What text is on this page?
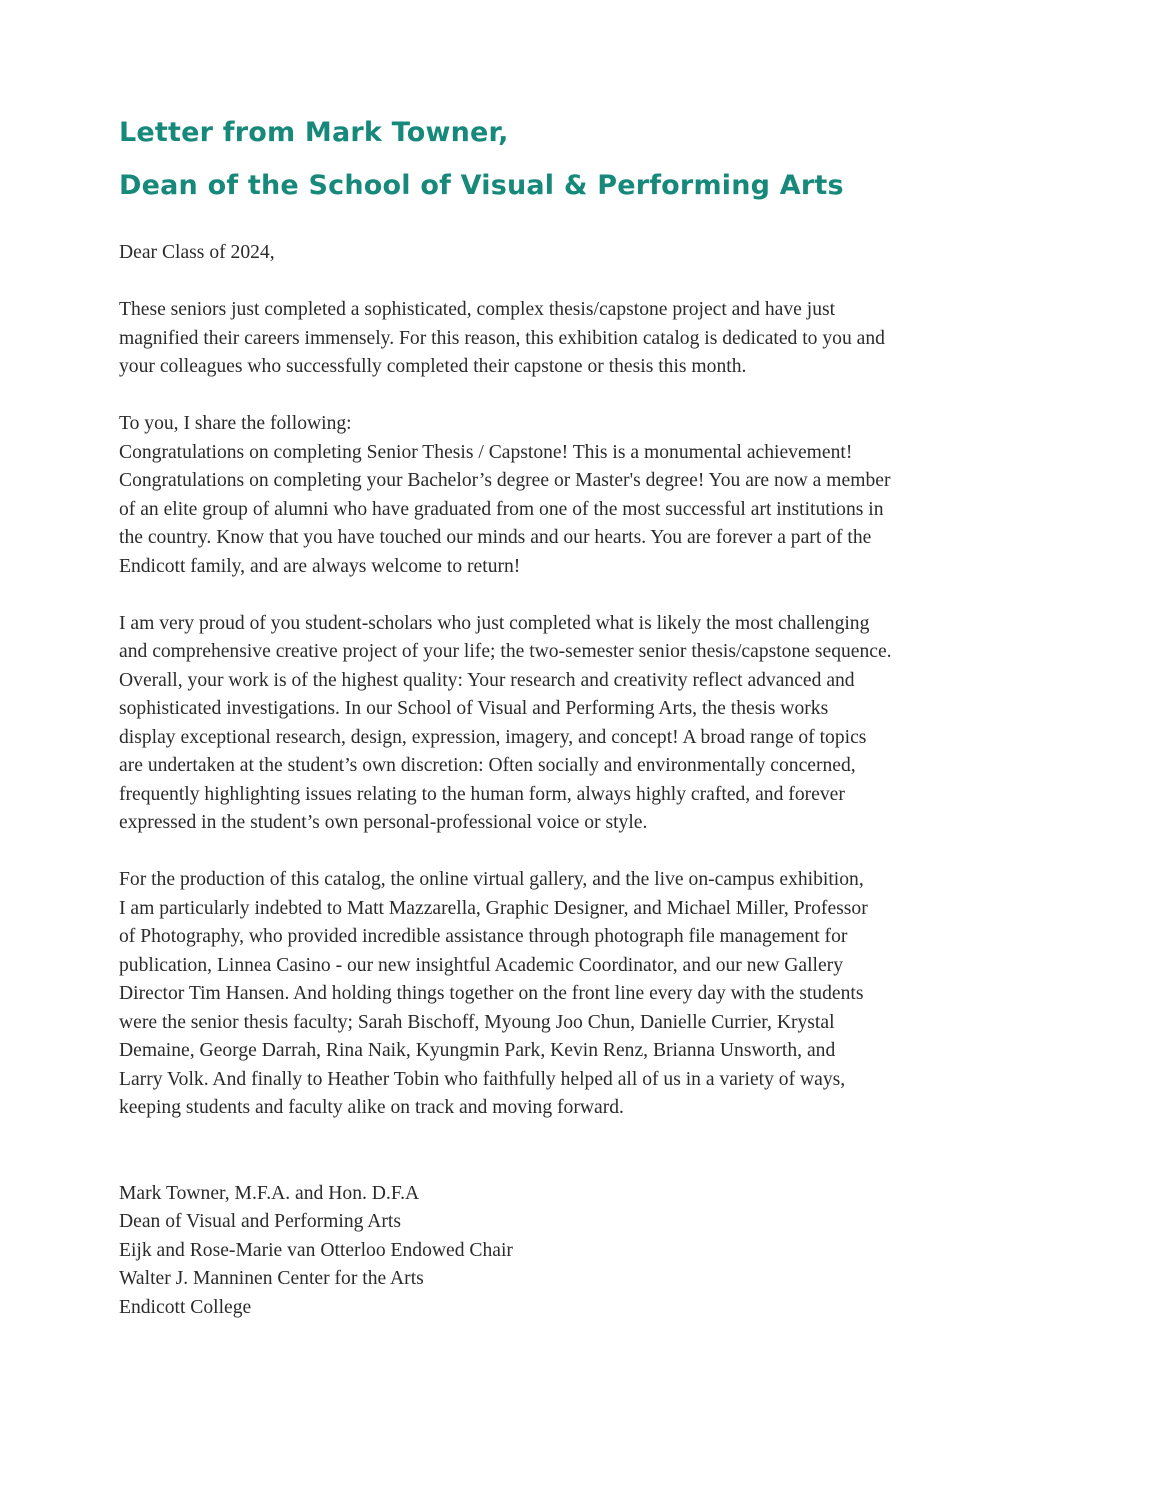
Letter from Mark Towner,
Dean of the School of Visual & Performing Arts

Dear Class of 2024,

These seniors just completed a sophisticated, complex thesis/capstone project and have just
magnified their careers immensely. For this reason, this exhibition catalog is dedicated to you and
your colleagues who successfully completed their capstone or thesis this month.

To you, I share the following:
Congratulations on completing Senior Thesis / Capstone! This is a monumental achievement!
Congratulations on completing your Bachelor’s degree or Master's degree! You are now a member
of an elite group of alumni who have graduated from one of the most successful art institutions in
the country. Know that you have touched our minds and our hearts. You are forever a part of the
Endicott family, and are always welcome to return!

I am very proud of you student-scholars who just completed what is likely the most challenging
and comprehensive creative project of your life; the two-semester senior thesis/capstone sequence.
Overall, your work is of the highest quality: Your research and creativity reflect advanced and
sophisticated investigations. In our School of Visual and Performing Arts, the thesis works
display exceptional research, design, expression, imagery, and concept! A broad range of topics
are undertaken at the student’s own discretion: Often socially and environmentally concerned,
frequently highlighting issues relating to the human form, always highly crafted, and forever
expressed in the student’s own personal-professional voice or style.

For the production of this catalog, the online virtual gallery, and the live on-campus exhibition,
I am particularly indebted to Matt Mazzarella, Graphic Designer, and Michael Miller, Professor
of Photography, who provided incredible assistance through photograph file management for
publication, Linnea Casino - our new insightful Academic Coordinator, and our new Gallery
Director Tim Hansen. And holding things together on the front line every day with the students
were the senior thesis faculty; Sarah Bischoff, Myoung Joo Chun, Danielle Currier, Krystal
Demaine, George Darrah, Rina Naik, Kyungmin Park, Kevin Renz, Brianna Unsworth, and
Larry Volk. And finally to Heather Tobin who faithfully helped all of us in a variety of ways,
keeping students and faculty alike on track and moving forward.

Mark Towner, M.F.A. and Hon. D.F.A
Dean of Visual and Performing Arts
Eijk and Rose-Marie van Otterloo Endowed Chair
Walter J. Manninen Center for the Arts
Endicott College
